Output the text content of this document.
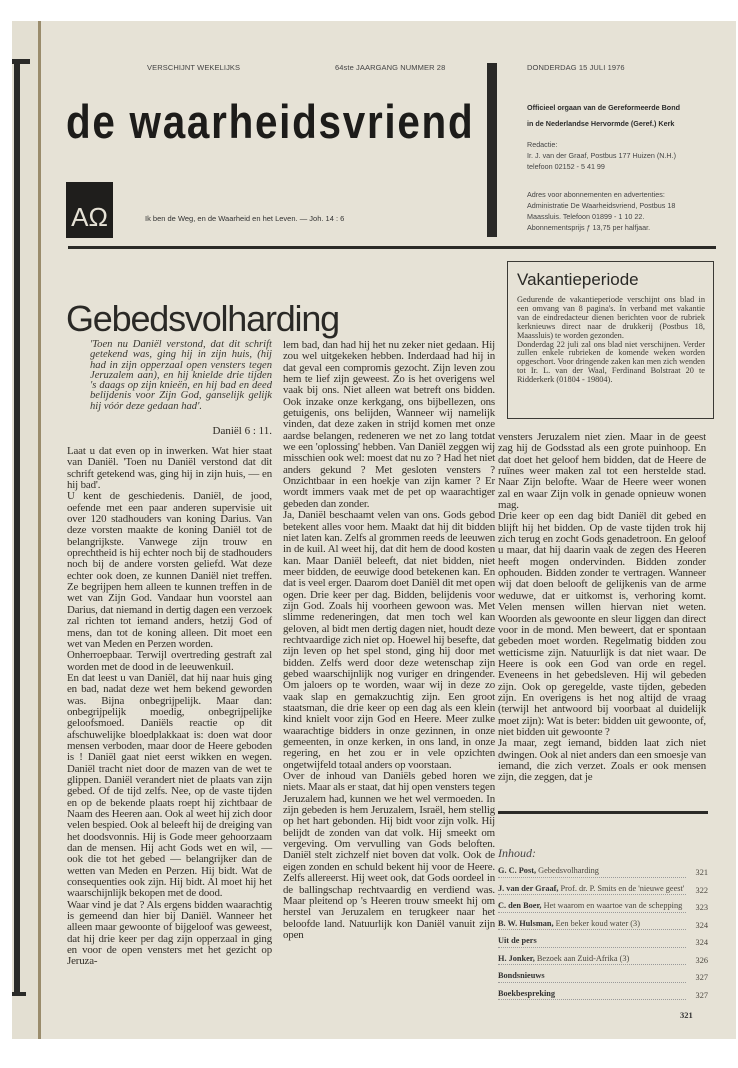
VERSCHIJNT WEKELIJKS	64ste JAARGANG NUMMER 28	DONDERDAG 15 JULI 1976
de waarheidsvriend
AΩ	Ik ben de Weg, en de Waarheid en het Leven. — Joh. 14 : 6
Officieel orgaan van de Gereformeerde Bond

in de Nederlandse Hervormde (Geref.) Kerk
Redactie:
Ir. J. van der Graaf, Postbus 177 Huizen (N.H.)
telefoon 02152 - 5 41 99
Adres voor abonnementen en advertenties:
Administratie De Waarheidsvriend, Postbus 18
Maassluis. Telefoon 01899 - 1 10 22.
Abonnementsprijs ƒ 13,75 per halfjaar.
Vakantieperiode

Gedurende de vakantieperiode verschijnt ons blad in een omvang van 8 pagina's. In verband met vakantie van de eindredacteur dienen berichten voor de rubriek kerknieuws direct naar de drukkerij (Postbus 18, Maassluis) te worden gezonden.

Donderdag 22 juli zal ons blad niet verschijnen. Verder zullen enkele rubrieken de komende weken worden opgeschort. Voor dringende zaken kan men zich wenden tot Ir. L. van der Waal, Ferdinand Bolstraat 20 te Ridderkerk (01804 - 19804).

Gebedsvolharding
'Toen nu Daniël verstond, dat dit schrift getekend was, ging hij in zijn huis, (hij had in zijn opperzaal open vensters tegen Jeruzalem aan), en hij knielde drie tijden 's daags op zijn knieën, en hij bad en deed belijdenis voor Zijn God, ganselijk gelijk hij vóór deze gedaan had'.
Daniël 6 : 11.

Laat u dat even op in inwerken. Wat hier staat van Daniël. 'Toen nu Daniël verstond dat dit schrift getekend was, ging hij in zijn huis, — en hij bad'.

U kent de geschiedenis. Daniël, de jood, oefende met een paar anderen supervisie uit over 120 stadhouders van koning Darius. Van deze vorsten maakte de koning Daniël tot de belangrijkste. Vanwege zijn trouw en oprechtheid is hij echter noch bij de stadhouders noch bij de andere vorsten geliefd. Wat deze echter ook doen, ze kunnen Daniël niet treffen. Ze begrijpen hem alleen te kunnen treffen in de wet van Zijn God. Vandaar hun voorstel aan Darius, dat niemand in dertig dagen een verzoek zal richten tot iemand anders, hetzij God of mens, dan tot de koning alleen. Dit moet een wet van Meden en Perzen worden.

Onherroepbaar. Terwijl overtreding gestraft zal worden met de dood in de leeuwenkuil.

En dat leest u van Daniël, dat hij naar huis ging en bad, nadat deze wet hem bekend geworden was. Bijna onbegrijpelijk. Maar dan: onbegrijpelijk moedig, onbegrijpelijke geloofsmoed. Daniëls reactie op dit afschuwelijke bloedplakkaat is: doen wat door mensen verboden, maar door de Heere geboden is ! Daniël gaat niet eerst wikken en wegen. Daniël tracht niet door de mazen van de wet te glippen. Daniël verandert niet de plaats van zijn gebed. Of de tijd zelfs. Nee, op de vaste tijden en op de bekende plaats roept hij zichtbaar de Naam des Heeren aan. Ook al weet hij zich door velen bespied. Ook al beleeft hij de dreiging van het doodsvonnis. Hij is Gode meer gehoorzaam dan de mensen. Hij acht Gods wet en wil, — ook die tot het gebed — belangrijker dan de wetten van Meden en Perzen. Hij bidt. Wat de consequenties ook zijn. Hij bidt. Al moet hij het waarschijnlijk bekopen met de dood.

Waar vind je dat ? Als ergens bidden waarachtig is gemeend dan hier bij Daniël. Wanneer het alleen maar gewoonte of bijgeloof was geweest, dat hij drie keer per dag zijn opperzaal in ging en voor de open vensters met het gezicht op Jeruza-

lem bad, dan had hij het nu zeker niet gedaan. Hij zou wel uitgekeken hebben. Inderdaad had hij in dat geval een compromis gezocht. Zijn leven zou hem te lief zijn geweest. Zo is het overigens wel vaak bij ons. Niet alleen wat betreft ons bidden. Ook inzake onze kerkgang, ons bijbellezen, ons getuigenis, ons belijden, Wanneer wij namelijk vinden, dat deze zaken in strijd komen met onze aardse belangen, redeneren we net zo lang totdat we een 'oplossing' hebben. Van Daniël zeggen wij misschien ook wel: moest dat nu zo ? Had het niet anders gekund ? Met gesloten vensters ? Onzichtbaar in een hoekje van zijn kamer ? Er wordt immers vaak met de pet op waarachtiger gebeden dan zonder.

Ja, Daniël beschaamt velen van ons. Gods gebod betekent alles voor hem. Maakt dat hij dit bidden niet laten kan. Zelfs al grommen reeds de leeuwen in de kuil. Al weet hij, dat dit hem de dood kosten kan. Maar Daniël beleeft, dat niet bidden, niet meer bidden, de eeuwige dood betekenen kan. En dat is veel erger. Daarom doet Daniël dit met open ogen. Drie keer per dag. Bidden, belijdenis voor zijn God. Zoals hij voorheen gewoon was. Met slimme redeneringen, dat men toch wel kan geloven, al bidt men dertig dagen niet, houdt deze rechtvaardige zich niet op. Hoewel hij besefte, dat zijn leven op het spel stond, ging hij door met bidden. Zelfs werd door deze wetenschap zijn gebed waarschijnlijk nog vuriger en dringender. Om jaloers op te worden, waar wij in deze zo vaak slap en gemakzuchtig zijn. Een groot staatsman, die drie keer op een dag als een klein kind knielt voor zijn God en Heere. Meer zulke waarachtige bidders in onze gezinnen, in onze gemeenten, in onze kerken, in ons land, in onze regering, en het zou er in vele opzichten ongetwijfeld totaal anders op voorstaan.

Over de inhoud van Daniëls gebed horen we niets. Maar als er staat, dat hij open vensters tegen Jeruzalem had, kunnen we het wel vermoeden. In zijn gebeden is hem Jeruzalem, Israël, hem stellig op het hart gebonden. Hij bidt voor zijn volk. Hij belijdt de zonden van dat volk. Hij smeekt om vergeving. Om vervulling van Gods beloften. Daniël stelt zichzelf niet boven dat volk. Ook de eigen zonden en schuld bekent hij voor de Heere. Zelfs allereerst. Hij weet ook, dat Gods oordeel in de ballingschap rechtvaardig en verdiend was. Maar pleitend op 's Heeren trouw smeekt hij om herstel van Jeruzalem en terugkeer naar het beloofde land. Natuurlijk kon Daniël vanuit zijn open

vensters Jeruzalem niet zien. Maar in de geest zag hij de Godsstad als een grote puinhoop. En dat doet het geloof hem bidden, dat de Heere de ruïnes weer maken zal tot een herstelde stad. Naar Zijn belofte. Waar de Heere weer wonen zal en waar Zijn volk in genade opnieuw wonen mag.

Drie keer op een dag bidt Daniël dit gebed en blijft hij het bidden. Op de vaste tijden trok hij zich terug en zocht Gods genadetroon. En geloof u maar, dat hij daarin vaak de zegen des Heeren heeft mogen ondervinden. Bidden zonder ophouden. Bidden zonder te vertragen. Wanneer wij dat doen belooft de gelijkenis van de arme weduwe, dat er uitkomst is, verhoring komt. Velen mensen willen hiervan niet weten. Woorden als gewoonte en sleur liggen dan direct voor in de mond. Men beweert, dat er spontaan gebeden moet worden. Regelmatig bidden zou wetticisme zijn. Natuurlijk is dat niet waar. De Heere is ook een God van orde en regel. Eveneens in het gebedsleven. Hij wil gebeden zijn. Ook op geregelde, vaste tijden, gebeden zijn. En overigens is het nog altijd de vraag (terwijl het antwoord bij voorbaat al duidelijk moet zijn): Wat is beter: bidden uit gewoonte, of, niet bidden uit gewoonte ?

Ja maar, zegt iemand, bidden laat zich niet dwingen. Ook al niet anders dan een smoesje van iemand, die zich verzet. Zoals er ook mensen zijn, die zeggen, dat je

Inhoud:
G. C. Post, Gebedsvolharding	321
J. van der Graaf, Prof. dr. P. Smits en de 'nieuwe geest'	322
C. den Boer, Het waarom en waartoe van de schepping	323
B. W. Hulsman, Een beker koud water (3)	324
Uit de pers	324
H. Jonker, Bezoek aan Zuid-Afrika (3)	326
Bondsnieuws	327
Boekbespreking	327
321
